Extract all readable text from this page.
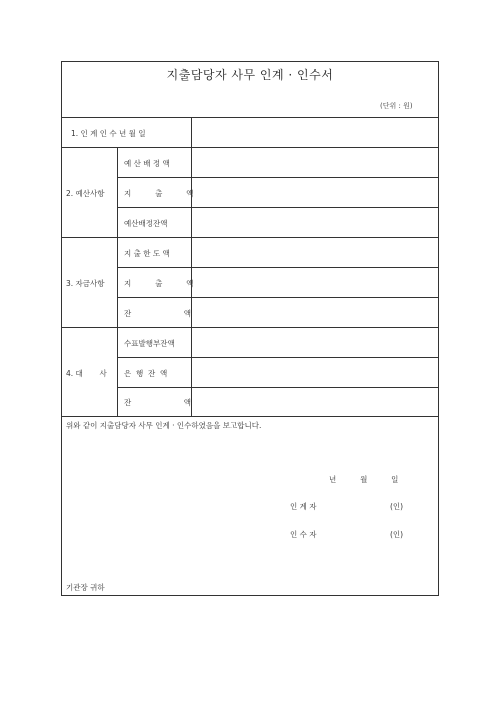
지출담당자 사무 인계 · 인수서
(단위 : 원)
1. 인 계 인 수 년 월 일
2. 예산사항
예 산 배 정 액
지          출          액
예산배정잔액
3. 자금사항
지 출 한 도 액
지          출          액
잔                      액
4. 대       사
수표발행부잔액
은  행  잔  액
잔                      액
위와 같이 지출담당자 사무 인계 · 인수하였음을 보고합니다.
년          월          일
인 계 자	(인)
인 수 자	(인)
기관장 귀하
